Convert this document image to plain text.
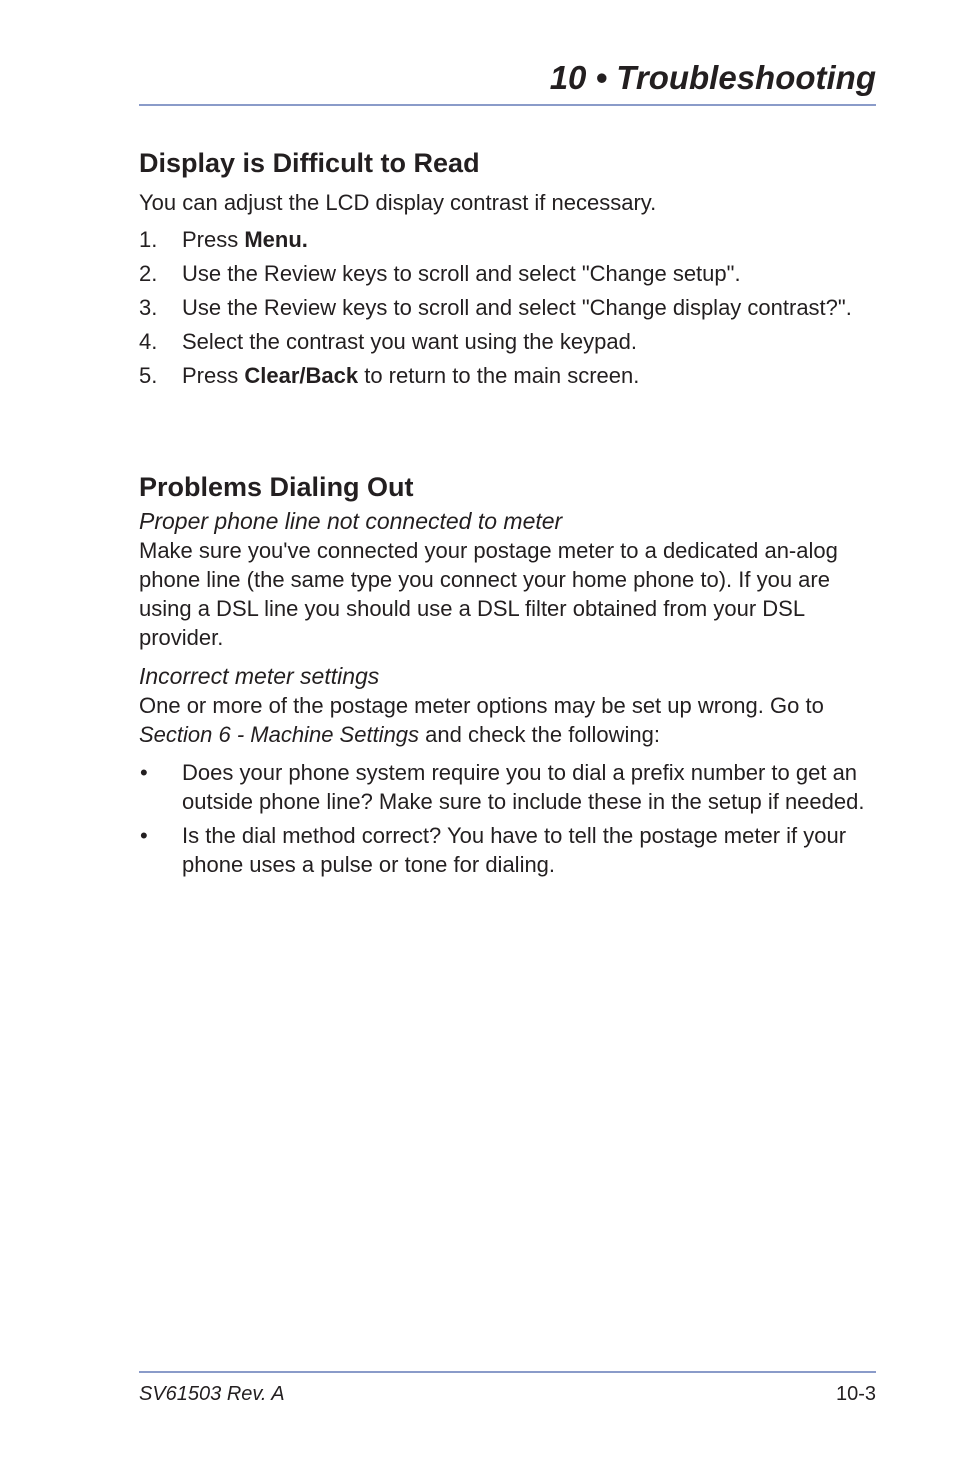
10 • Troubleshooting
Display is Difficult to Read

You can adjust the LCD display contrast if necessary.

1. Press Menu.
2. Use the Review keys to scroll and select "Change setup".
3. Use the Review keys to scroll and select "Change display contrast?".
4. Select the contrast you want using the keypad.
5. Press Clear/Back to return to the main screen.
Problems Dialing Out

Proper phone line not connected to meter

Make sure you've connected your postage meter to a dedicated an-alog phone line (the same type you connect your home phone to). If you are using a DSL line you should use a DSL filter obtained from your DSL provider.

Incorrect meter settings

One or more of the postage meter options may be set up wrong. Go to Section 6 - Machine Settings and check the following:

• Does your phone system require you to dial a prefix number to get an outside phone line? Make sure to include these in the setup if needed.
• Is the dial method correct? You have to tell the postage meter if your phone uses a pulse or tone for dialing.
SV61503 Rev. A	10-3
